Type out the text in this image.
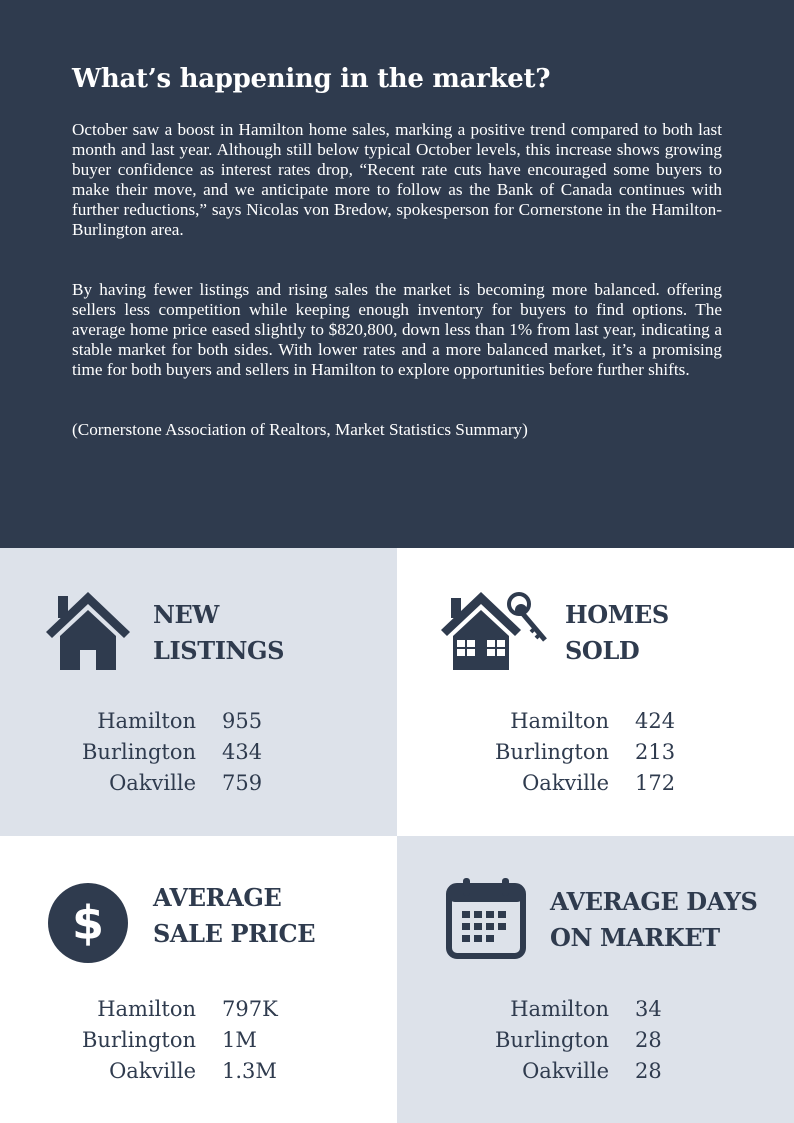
What’s happening in the market?

October saw a boost in Hamilton home sales, marking a positive trend compared to both last month and last year. Although still below typical October levels, this increase shows growing buyer confidence as interest rates drop, “Recent rate cuts have encouraged some buyers to make their move, and we anticipate more to follow as the Bank of Canada continues with further reductions,” says Nicolas von Bredow, spokesperson for Cornerstone in the Hamilton-Burlington area.

By having fewer listings and rising sales the market is becoming more balanced. offering sellers less competition while keeping enough inventory for buyers to find options. The average home price eased slightly to $820,800, down less than 1% from last year, indicating a stable market for both sides. With lower rates and a more balanced market, it’s a promising time for both buyers and sellers in Hamilton to explore opportunities before further shifts.

(Cornerstone Association of Realtors, Market Statistics Summary)

NEW
LISTINGS
Hamilton
Burlington
Oakville
955
434
759
HOMES
SOLD
Hamilton
Burlington
Oakville
424
213
172
$ AVERAGE
SALE PRICE
Hamilton
Burlington
Oakville
797K
1M
1.3M
AVERAGE DAYS
ON MARKET
Hamilton
Burlington
Oakville
34
28
28
